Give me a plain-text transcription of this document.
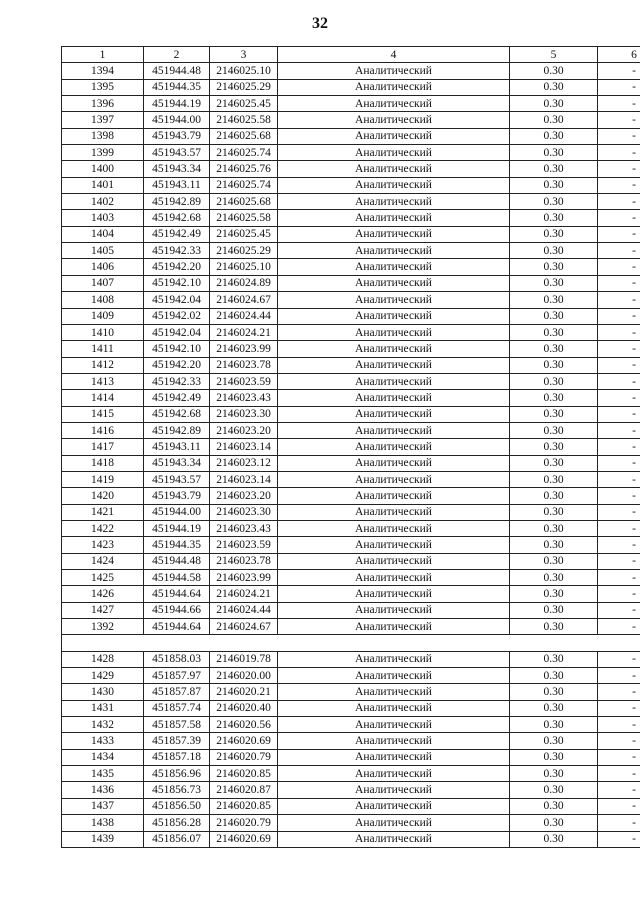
32
1	2	3	4	5	6
1394	451944.48	2146025.10	Аналитический	0.30	-
1395	451944.35	2146025.29	Аналитический	0.30	-
1396	451944.19	2146025.45	Аналитический	0.30	-
1397	451944.00	2146025.58	Аналитический	0.30	-
1398	451943.79	2146025.68	Аналитический	0.30	-
1399	451943.57	2146025.74	Аналитический	0.30	-
1400	451943.34	2146025.76	Аналитический	0.30	-
1401	451943.11	2146025.74	Аналитический	0.30	-
1402	451942.89	2146025.68	Аналитический	0.30	-
1403	451942.68	2146025.58	Аналитический	0.30	-
1404	451942.49	2146025.45	Аналитический	0.30	-
1405	451942.33	2146025.29	Аналитический	0.30	-
1406	451942.20	2146025.10	Аналитический	0.30	-
1407	451942.10	2146024.89	Аналитический	0.30	-
1408	451942.04	2146024.67	Аналитический	0.30	-
1409	451942.02	2146024.44	Аналитический	0.30	-
1410	451942.04	2146024.21	Аналитический	0.30	-
1411	451942.10	2146023.99	Аналитический	0.30	-
1412	451942.20	2146023.78	Аналитический	0.30	-
1413	451942.33	2146023.59	Аналитический	0.30	-
1414	451942.49	2146023.43	Аналитический	0.30	-
1415	451942.68	2146023.30	Аналитический	0.30	-
1416	451942.89	2146023.20	Аналитический	0.30	-
1417	451943.11	2146023.14	Аналитический	0.30	-
1418	451943.34	2146023.12	Аналитический	0.30	-
1419	451943.57	2146023.14	Аналитический	0.30	-
1420	451943.79	2146023.20	Аналитический	0.30	-
1421	451944.00	2146023.30	Аналитический	0.30	-
1422	451944.19	2146023.43	Аналитический	0.30	-
1423	451944.35	2146023.59	Аналитический	0.30	-
1424	451944.48	2146023.78	Аналитический	0.30	-
1425	451944.58	2146023.99	Аналитический	0.30	-
1426	451944.64	2146024.21	Аналитический	0.30	-
1427	451944.66	2146024.44	Аналитический	0.30	-
1392	451944.64	2146024.67	Аналитический	0.30	-

1428	451858.03	2146019.78	Аналитический	0.30	-
1429	451857.97	2146020.00	Аналитический	0.30	-
1430	451857.87	2146020.21	Аналитический	0.30	-
1431	451857.74	2146020.40	Аналитический	0.30	-
1432	451857.58	2146020.56	Аналитический	0.30	-
1433	451857.39	2146020.69	Аналитический	0.30	-
1434	451857.18	2146020.79	Аналитический	0.30	-
1435	451856.96	2146020.85	Аналитический	0.30	-
1436	451856.73	2146020.87	Аналитический	0.30	-
1437	451856.50	2146020.85	Аналитический	0.30	-
1438	451856.28	2146020.79	Аналитический	0.30	-
1439	451856.07	2146020.69	Аналитический	0.30	-
